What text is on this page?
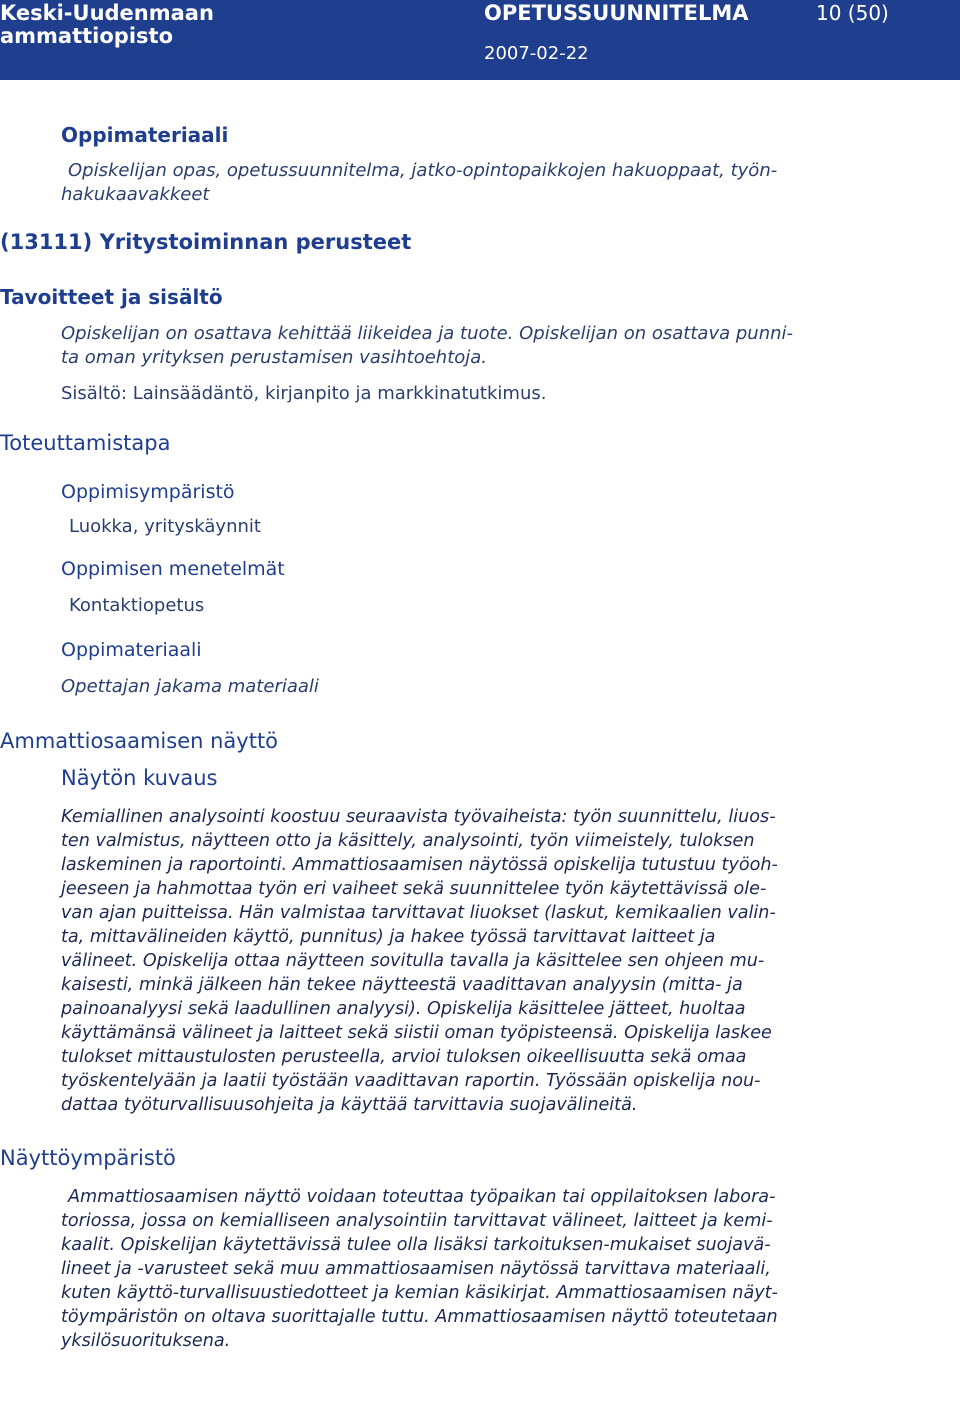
Keski-Uudenmaan ammattiopisto
OPETUSSUUNNITELMA	10 (50)
2007-02-22
Oppimateriaali
Opiskelijan opas, opetussuunnitelma, jatko-opintopaikkojen hakuoppaat, työn-
hakukaavakkeet
(13111) Yritystoiminnan perusteet
Tavoitteet ja sisältö
Opiskelijan on osattava kehittää liikeidea ja tuote. Opiskelijan on osattava punni-
ta oman yrityksen perustamisen vasihtoehtoja.
Sisältö: Lainsäädäntö, kirjanpito ja markkinatutkimus.
Toteuttamistapa
Oppimisympäristö
Luokka, yrityskäynnit
Oppimisen menetelmät
Kontaktiopetus
Oppimateriaali
Opettajan jakama materiaali
Ammattiosaamisen näyttö
Näytön kuvaus
Kemiallinen analysointi koostuu seuraavista työvaiheista: työn suunnittelu, liuos-
ten valmistus, näytteen otto ja käsittely, analysointi, työn viimeistely, tuloksen
laskeminen ja raportointi. Ammattiosaamisen näytössä opiskelija tutustuu työoh-
jeeseen ja hahmottaa työn eri vaiheet sekä suunnittelee työn käytettävissä ole-
van ajan puitteissa. Hän valmistaa tarvittavat liuokset (laskut, kemikaalien valin-
ta, mittavälineiden käyttö, punnitus) ja hakee työssä tarvittavat laitteet ja
välineet. Opiskelija ottaa näytteen sovitulla tavalla ja käsittelee sen ohjeen mu-
kaisesti, minkä jälkeen hän tekee näytteestä vaadittavan analyysin (mitta- ja
painoanalyysi sekä laadullinen analyysi). Opiskelija käsittelee jätteet, huoltaa
käyttämänsä välineet ja laitteet sekä siistii oman työpisteensä. Opiskelija laskee
tulokset mittaustulosten perusteella, arvioi tuloksen oikeellisuutta sekä omaa
työskentelyään ja laatii työstään vaadittavan raportin. Työssään opiskelija nou-
dattaa työturvallisuusohjeita ja käyttää tarvittavia suojavälineitä.
Näyttöympäristö
Ammattiosaamisen näyttö voidaan toteuttaa työpaikan tai oppilaitoksen labora-
toriossa, jossa on kemialliseen analysointiin tarvittavat välineet, laitteet ja kemi-
kaalit. Opiskelijan käytettävissä tulee olla lisäksi tarkoituksen-mukaiset suojavä-
lineet ja -varusteet sekä muu ammattiosaamisen näytössä tarvittava materiaali,
kuten käyttö-turvallisuustiedotteet ja kemian käsikirjat. Ammattiosaamisen näyt-
töympäristön on oltava suorittajalle tuttu. Ammattiosaamisen näyttö toteutetaan
yksilösuorituksena.
